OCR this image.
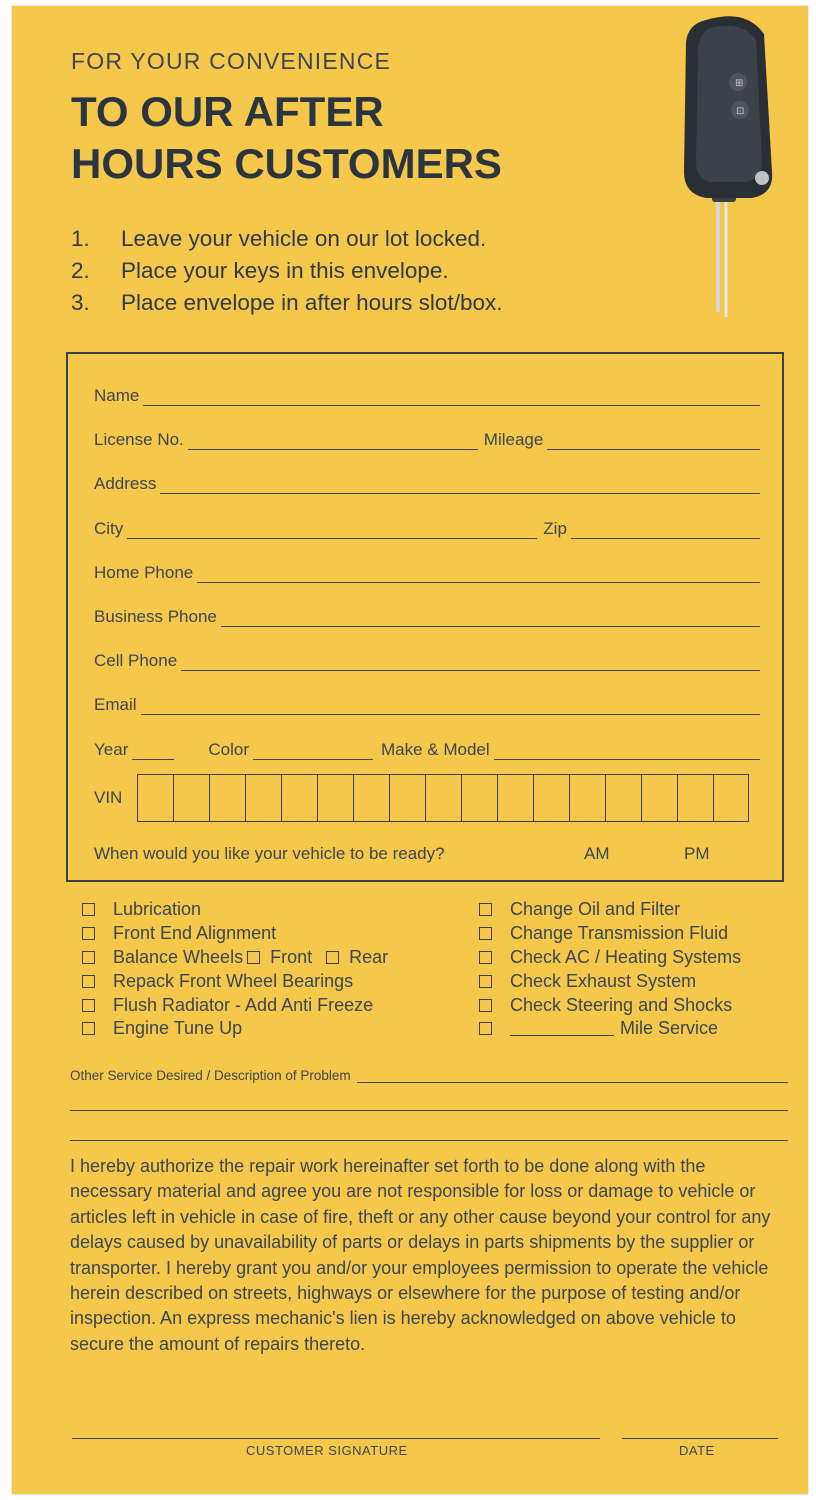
FOR YOUR CONVENIENCE
TO OUR AFTER
HOURS CUSTOMERS
1.	Leave your vehicle on our lot locked.
2.	Place your keys in this envelope.
3.	Place envelope in after hours slot/box.
⊞
⊡
Name
License No.	Mileage
Address
City	Zip
Home Phone
Business Phone
Cell Phone
Email
Year	Color	Make & Model
VIN
When would you like your vehicle to be ready?	AM	PM
Lubrication
Front End Alignment
Balance Wheels Front Rear
Repack Front Wheel Bearings
Flush Radiator - Add Anti Freeze
Engine Tune Up
Change Oil and Filter
Change Transmission Fluid
Check AC / Heating Systems
Check Exhaust System
Check Steering and Shocks
Mile Service
Other Service Desired / Description of Problem
I hereby authorize the repair work hereinafter set forth to be done along with the necessary material and agree you are not responsible for loss or damage to vehicle or articles left in vehicle in case of fire, theft or any other cause beyond your control for any delays caused by unavailability of parts or delays in parts shipments by the supplier or transporter. I hereby grant you and/or your employees permission to operate the vehicle herein described on streets, highways or elsewhere for the purpose of testing and/or inspection. An express mechanic's lien is hereby acknowledged on above vehicle to secure the amount of repairs thereto.
CUSTOMER SIGNATURE	DATE
